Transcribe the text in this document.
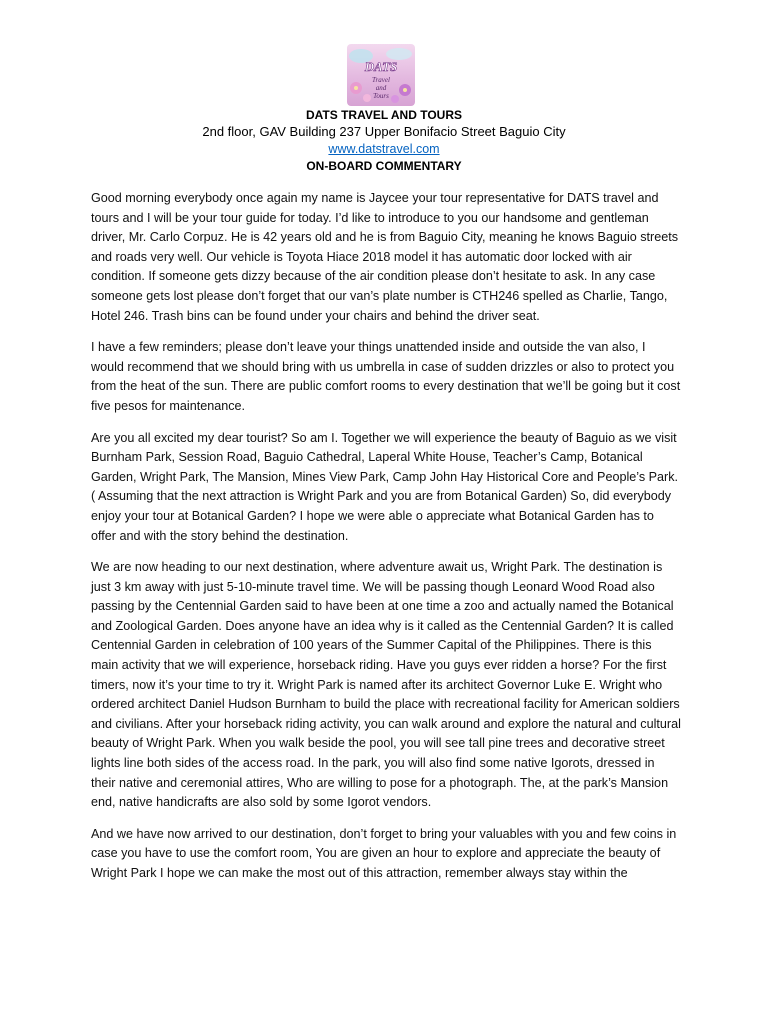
DATS
Travel
and
Tours
DATS TRAVEL AND TOURS
2nd floor, GAV Building 237 Upper Bonifacio Street Baguio City
www.datstravel.com
ON-BOARD COMMENTARY

Good morning everybody once again my name is Jaycee your tour representative for DATS travel and tours and I will be your tour guide for today. I’d like to introduce to you our handsome and gentleman driver, Mr. Carlo Corpuz. He is 42 years old and he is from Baguio City, meaning he knows Baguio streets and roads very well. Our vehicle is Toyota Hiace 2018 model it has automatic door locked with air condition. If someone gets dizzy because of the air condition please don’t hesitate to ask. In any case someone gets lost please don’t forget that our van’s plate number is CTH246 spelled as Charlie, Tango, Hotel 246. Trash bins can be found under your chairs and behind the driver seat.

I have a few reminders; please don’t leave your things unattended inside and outside the van also, I would recommend that we should bring with us umbrella in case of sudden drizzles or also to protect you from the heat of the sun. There are public comfort rooms to every destination that we’ll be going but it cost five pesos for maintenance.

Are you all excited my dear tourist? So am I. Together we will experience the beauty of Baguio as we visit Burnham Park, Session Road, Baguio Cathedral, Laperal White House, Teacher’s Camp, Botanical Garden, Wright Park, The Mansion, Mines View Park, Camp John Hay Historical Core and People’s Park. ( Assuming that the next attraction is Wright Park and you are from Botanical Garden) So, did everybody enjoy your tour at Botanical Garden? I hope we were able o appreciate what Botanical Garden has to offer and with the story behind the destination.

We are now heading to our next destination, where adventure await us, Wright Park. The destination is just 3 km away with just 5-10-minute travel time. We will be passing though Leonard Wood Road also passing by the Centennial Garden said to have been at one time a zoo and actually named the Botanical and Zoological Garden. Does anyone have an idea why is it called as the Centennial Garden? It is called Centennial Garden in celebration of 100 years of the Summer Capital of the Philippines. There is this main activity that we will experience, horseback riding. Have you guys ever ridden a horse? For the first timers, now it’s your time to try it. Wright Park is named after its architect Governor Luke E. Wright who ordered architect Daniel Hudson Burnham to build the place with recreational facility for American soldiers and civilians. After your horseback riding activity, you can walk around and explore the natural and cultural beauty of Wright Park. When you walk beside the pool, you will see tall pine trees and decorative street lights line both sides of the access road. In the park, you will also find some native Igorots, dressed in their native and ceremonial attires, Who are willing to pose for a photograph. The, at the park’s Mansion end, native handicrafts are also sold by some Igorot vendors.

And we have now arrived to our destination, don’t forget to bring your valuables with you and few coins in case you have to use the comfort room, You are given an hour to explore and appreciate the beauty of Wright Park I hope we can make the most out of this attraction, remember always stay within the
